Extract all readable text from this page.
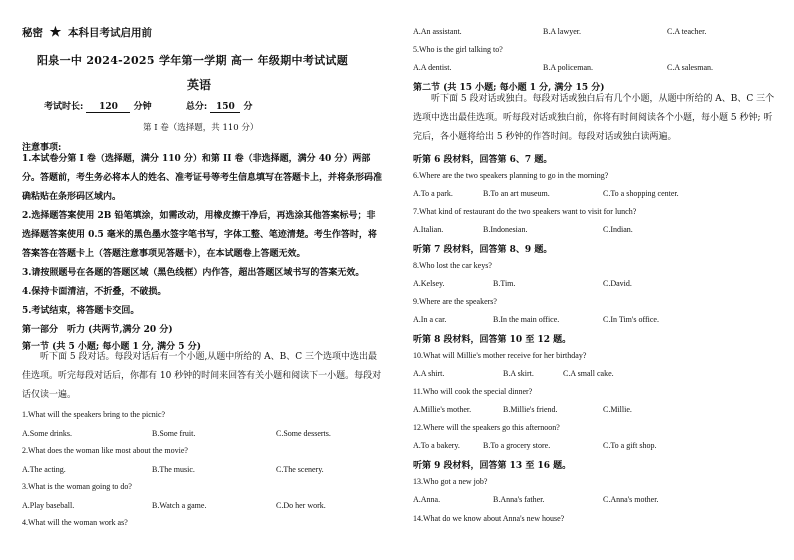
秘密 ★ 本科目考试启用前
阳泉一中 2024-2025 学年第一学期 高一 年级期中考试试题
英语
考试时长: 120 分钟	总分: 150 分
第 I 卷（选择题，共 110 分）
注意事项:
1.本试卷分第 I 卷（选择题，满分 110 分）和第 II 卷（非选择题，满分 40 分）两部分。答题前，考生务必将本人的姓名、准考证号等考生信息填写在答题卡上，并将条形码准确粘贴在条形码区域内。
2.选择题答案使用 2B 铅笔填涂，如需改动，用橡皮擦干净后，再选涂其他答案标号；非选择题答案使用 0.5 毫米的黑色墨水签字笔书写，字体工整、笔迹清楚。考生作答时，将答案答在答题卡上（答题注意事项见答题卡），在本试题卷上答题无效。
3.请按照题号在各题的答题区域（黑色线框）内作答，超出答题区域书写的答案无效。
4.保持卡面清洁，不折叠，不破损。
5.考试结束，将答题卡交回。
第一部分　听力 (共两节,满分 20 分)
第一节 (共 5 小题; 每小题 1 分, 满分 5 分)
听下面 5 段对话。每段对话后有一个小题,从题中所给的 A、B、C 三个选项中选出最佳选项。听完每段对话后，你都有 10 秒钟的时间来回答有关小题和阅读下一小题。每段对话仅读一遍。
1.What will the speakers bring to the picnic?
A.Some drinks.	B.Some fruit.	C.Some desserts.
2.What does the woman like most about the movie?
A.The acting.	B.The music.	C.The scenery.
3.What is the woman going to do?
A.Play baseball.	B.Watch a game.	C.Do her work.
4.What will the woman work as?
A.An assistant.	B.A lawyer.	C.A teacher.
5.Who is the girl talking to?
A.A dentist.	B.A policeman.	C.A salesman.
第二节 (共 15 小题; 每小题 1 分, 满分 15 分)
听下面 5 段对话或独白。每段对话或独白后有几个小题，从题中所给的 A、B、C 三个选项中选出最佳选项。听每段对话或独白前，你将有时间阅读各个小题，每小题 5 秒钟; 听完后，各小题将给出 5 秒钟的作答时间。每段对话或独白读两遍。
听第 6 段材料，回答第 6、7 题。
6.Where are the two speakers planning to go in the morning?
A.To a park.	B.To an art museum.	C.To a shopping center.
7.What kind of restaurant do the two speakers want to visit for lunch?
A.Italian.	B.Indonesian.	C.Indian.
听第 7 段材料，回答第 8、9 题。
8.Who lost the car keys?
A.Kelsey.	B.Tim.	C.David.
9.Where are the speakers?
A.In a car.	B.In the main office.	C.In Tim's office.
听第 8 段材料，回答第 10 至 12 题。
10.What will Millie's mother receive for her birthday?
A.A shirt.	B.A skirt.	C.A small cake.
11.Who will cook the special dinner?
A.Millie's mother.	B.Millie's friend.	C.Millie.
12.Where will the speakers go this afternoon?
A.To a bakery.	B.To a grocery store.	C.To a gift shop.
听第 9 段材料，回答第 13 至 16 题。
13.Who got a new job?
A.Anna.	B.Anna's father.	C.Anna's mother.
14.What do we know about Anna's new house?
